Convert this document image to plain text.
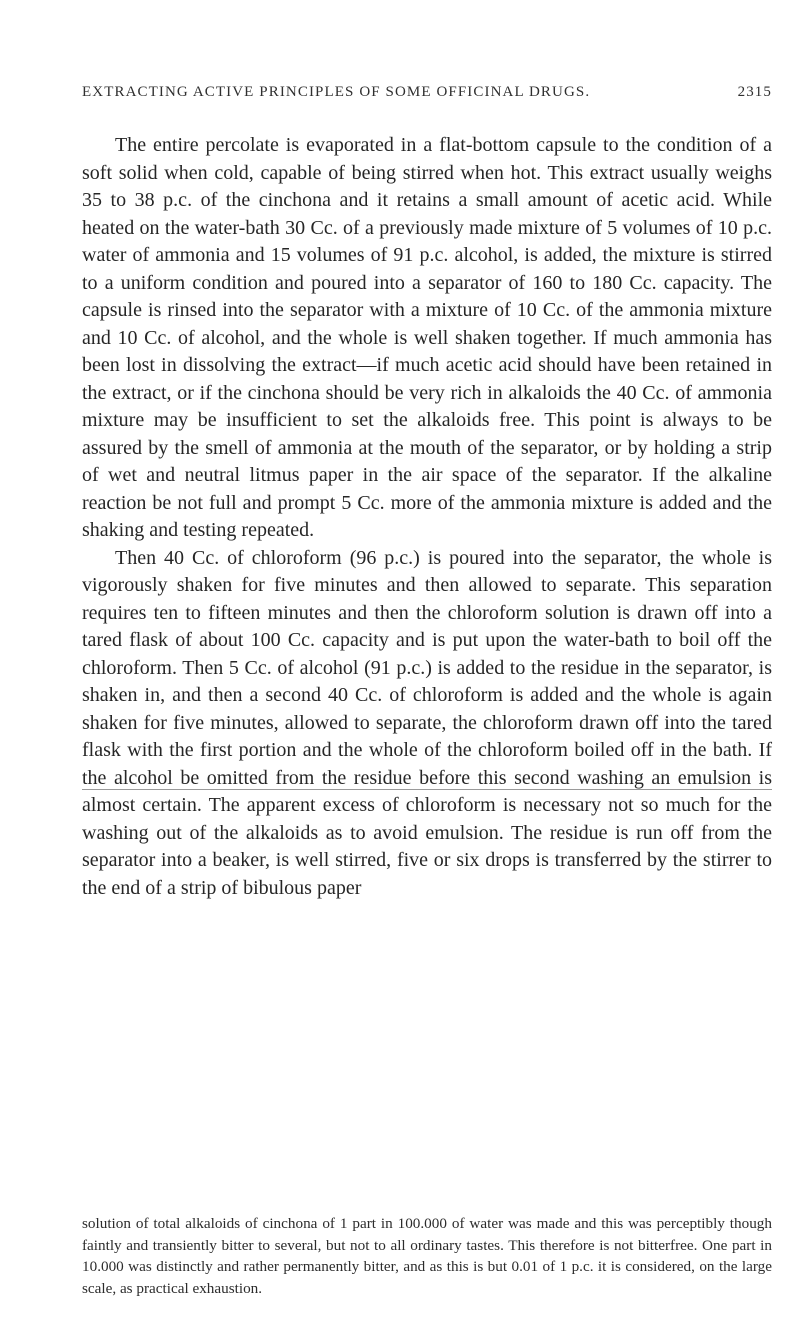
EXTRACTING ACTIVE PRINCIPLES OF SOME OFFICINAL DRUGS.	2315

The entire percolate is evaporated in a flat-bottom capsule to the condition of a soft solid when cold, capable of being stirred when hot. This extract usually weighs 35 to 38 p.c. of the cinchona and it retains a small amount of acetic acid. While heated on the water-bath 30 Cc. of a previously made mixture of 5 volumes of 10 p.c. water of ammonia and 15 volumes of 91 p.c. alcohol, is added, the mixture is stirred to a uniform condition and poured into a separator of 160 to 180 Cc. capacity. The capsule is rinsed into the separator with a mixture of 10 Cc. of the ammonia mixture and 10 Cc. of alcohol, and the whole is well shaken together. If much ammonia has been lost in dissolving the extract—if much acetic acid should have been retained in the extract, or if the cinchona should be very rich in alkaloids the 40 Cc. of ammonia mixture may be insufficient to set the alkaloids free. This point is always to be assured by the smell of ammonia at the mouth of the separator, or by holding a strip of wet and neutral litmus paper in the air space of the separator. If the alkaline reaction be not full and prompt 5 Cc. more of the ammonia mixture is added and the shaking and testing repeated.

Then 40 Cc. of chloroform (96 p.c.) is poured into the separator, the whole is vigorously shaken for five minutes and then allowed to separate. This separation requires ten to fifteen minutes and then the chloroform solution is drawn off into a tared flask of about 100 Cc. capacity and is put upon the water-bath to boil off the chloroform. Then 5 Cc. of alcohol (91 p.c.) is added to the residue in the separator, is shaken in, and then a second 40 Cc. of chloroform is added and the whole is again shaken for five minutes, allowed to separate, the chloroform drawn off into the tared flask with the first portion and the whole of the chloroform boiled off in the bath. If the alcohol be omitted from the residue before this second washing an emulsion is almost certain. The apparent excess of chloroform is necessary not so much for the washing out of the alkaloids as to avoid emulsion. The residue is run off from the separator into a beaker, is well stirred, five or six drops is transferred by the stirrer to the end of a strip of bibulous paper

solution of total alkaloids of cinchona of 1 part in 100.000 of water was made and this was perceptibly though faintly and transiently bitter to several, but not to all ordinary tastes. This therefore is not bitterfree. One part in 10.000 was distinctly and rather permanently bitter, and as this is but 0.01 of 1 p.c. it is considered, on the large scale, as practical exhaustion.
